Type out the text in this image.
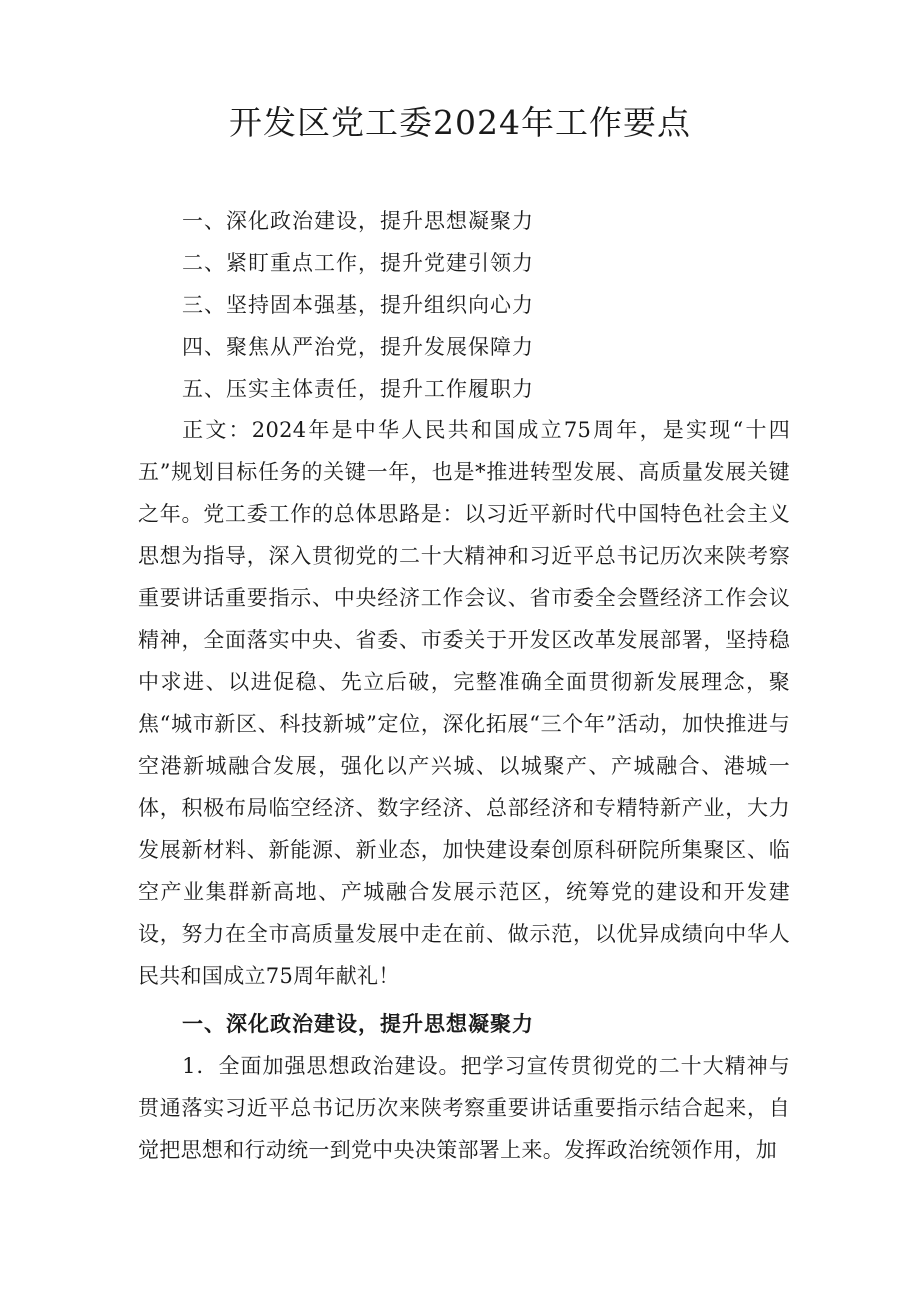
开发区党工委2024年工作要点
一、深化政治建设，提升思想凝聚力
二、紧盯重点工作，提升党建引领力
三、坚持固本强基，提升组织向心力
四、聚焦从严治党，提升发展保障力
五、压实主体责任，提升工作履职力

正文：2024年是中华人民共和国成立75周年，是实现“十四五”规划目标任务的关键一年，也是*推进转型发展、高质量发展关键之年。党工委工作的总体思路是：以习近平新时代中国特色社会主义思想为指导，深入贯彻党的二十大精神和习近平总书记历次来陕考察重要讲话重要指示、中央经济工作会议、省市委全会暨经济工作会议精神，全面落实中央、省委、市委关于开发区改革发展部署，坚持稳中求进、以进促稳、先立后破，完整准确全面贯彻新发展理念，聚焦“城市新区、科技新城”定位，深化拓展“三个年”活动，加快推进与空港新城融合发展，强化以产兴城、以城聚产、产城融合、港城一体，积极布局临空经济、数字经济、总部经济和专精特新产业，大力发展新材料、新能源、新业态，加快建设秦创原科研院所集聚区、临空产业集群新高地、产城融合发展示范区，统筹党的建设和开发建设，努力在全市高质量发展中走在前、做示范，以优异成绩向中华人民共和国成立75周年献礼！

一、深化政治建设，提升思想凝聚力

1．全面加强思想政治建设。把学习宣传贯彻党的二十大精神与贯通落实习近平总书记历次来陕考察重要讲话重要指示结合起来，自觉把思想和行动统一到党中央决策部署上来。发挥政治统领作用，加
